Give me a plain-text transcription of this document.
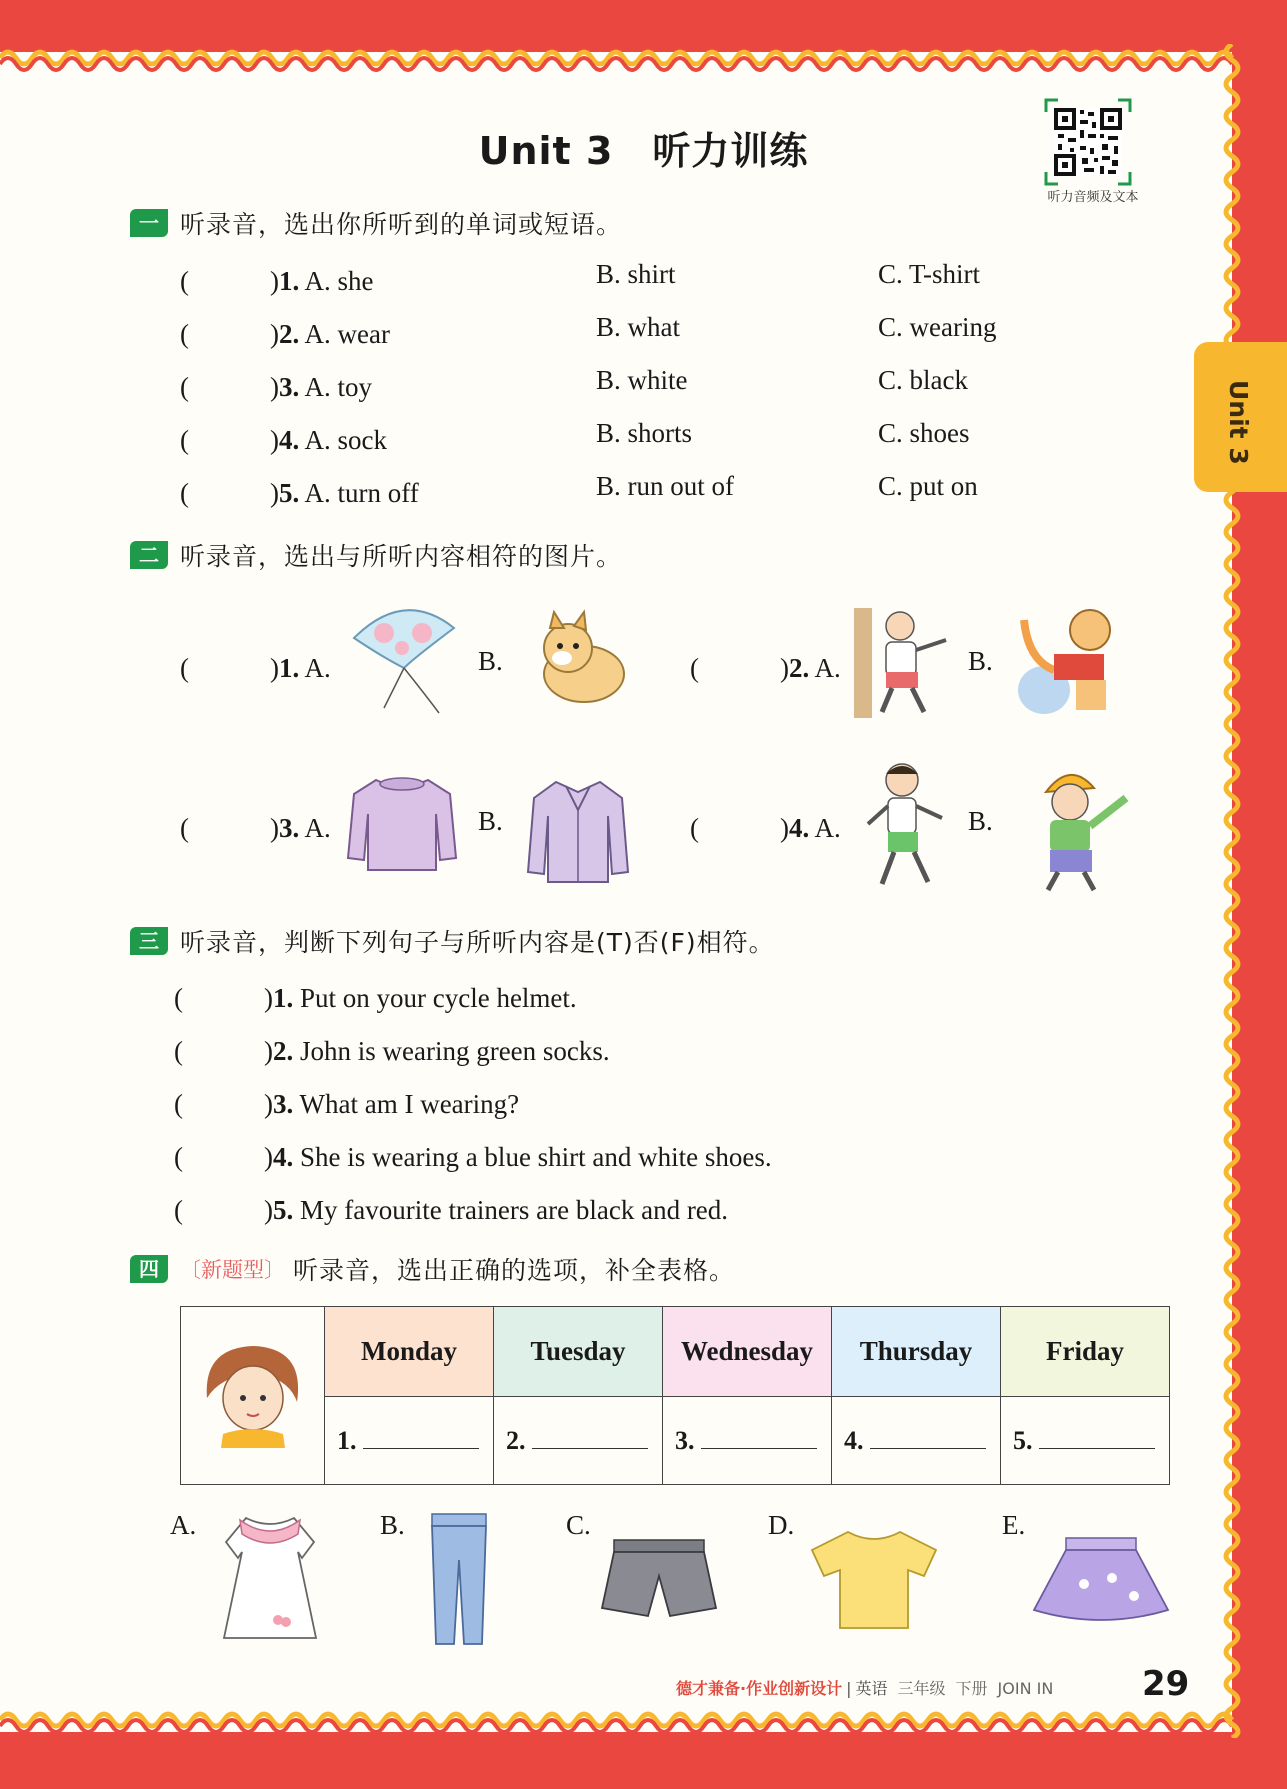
Unit 3　听力训练
听力音频及文本
Unit 3
一 听录音，选出你所听到的单词或短语。
(　　　)1. A. she	B. shirt	C. T-shirt
(　　　)2. A. wear	B. what	C. wearing
(　　　)3. A. toy	B. white	C. black
(　　　)4. A. sock	B. shorts	C. shoes
(　　　)5. A. turn off	B. run out of	C. put on
二 听录音，选出与所听内容相符的图片。
(　　　)1. A.	B.	(　　　)2. A.	B.
(　　　)3. A.	B.	(　　　)4. A.	B.
三 听录音，判断下列句子与所听内容是(T)否(F)相符。
(　　　)1. Put on your cycle helmet.
(　　　)2. John is wearing green socks.
(　　　)3. What am I wearing?
(　　　)4. She is wearing a blue shirt and white shoes.
(　　　)5. My favourite trainers are black and red.
四	〔新题型〕 听录音，选出正确的选项，补全表格。
	Monday	Tuesday	Wednesday	Thursday	Friday
	1.	2.	3.	4.	5.
A.	B.	C.	D.	E.
德才兼备·作业创新设计 | 英语 三年级 下册 JOIN IN	29
